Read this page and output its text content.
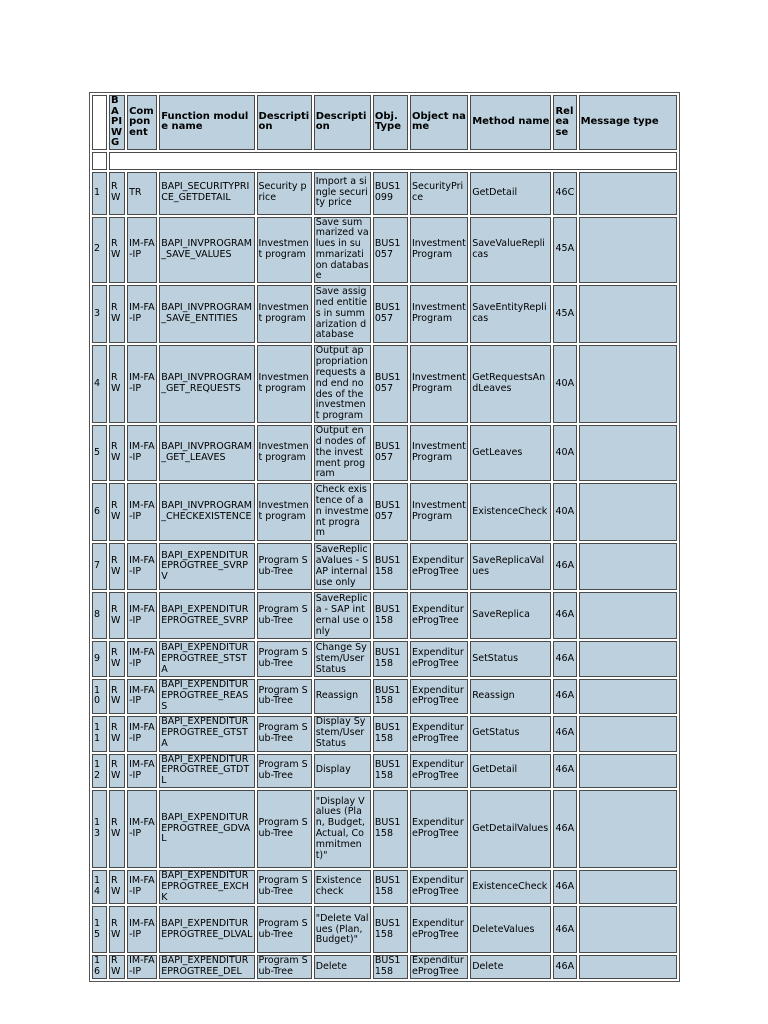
	BAPIWG	Component	Function module name	Description	Description	Obj. Type	Object name	Method name	Release	Message type

1	RW	TR	BAPI_SECURITYPRICE_GETDETAIL	Security price	Import a single security price	BUS1099	SecurityPrice	GetDetail	46C	
2	RW	IM-FA-IP	BAPI_INVPROGRAM_SAVE_VALUES	Investment program	Save summarized values in summarization database	BUS1057	InvestmentProgram	SaveValueReplicas	45A	
3	RW	IM-FA-IP	BAPI_INVPROGRAM_SAVE_ENTITIES	Investment program	Save assigned entities in summarization database	BUS1057	InvestmentProgram	SaveEntityReplicas	45A	
4	RW	IM-FA-IP	BAPI_INVPROGRAM_GET_REQUESTS	Investment program	Output appropriation requests and end nodes of the investment program	BUS1057	InvestmentProgram	GetRequestsAndLeaves	40A	
5	RW	IM-FA-IP	BAPI_INVPROGRAM_GET_LEAVES	Investment program	Output end nodes of the investment program	BUS1057	InvestmentProgram	GetLeaves	40A	
6	RW	IM-FA-IP	BAPI_INVPROGRAM_CHECKEXISTENCE	Investment program	Check existence of an investment program	BUS1057	InvestmentProgram	ExistenceCheck	40A	
7	RW	IM-FA-IP	BAPI_EXPENDITUREPROGTREE_SVRPV	Program Sub-Tree	SaveReplicaValues - SAP internal use only	BUS1158	ExpenditureProgTree	SaveReplicaValues	46A	
8	RW	IM-FA-IP	BAPI_EXPENDITUREPROGTREE_SVRP	Program Sub-Tree	SaveReplica - SAP internal use only	BUS1158	ExpenditureProgTree	SaveReplica	46A	
9	RW	IM-FA-IP	BAPI_EXPENDITUREPROGTREE_STSTA	Program Sub-Tree	Change System/User Status	BUS1158	ExpenditureProgTree	SetStatus	46A	
10	RW	IM-FA-IP	BAPI_EXPENDITUREPROGTREE_REASS	Program Sub-Tree	Reassign	BUS1158	ExpenditureProgTree	Reassign	46A	
11	RW	IM-FA-IP	BAPI_EXPENDITUREPROGTREE_GTSTA	Program Sub-Tree	Display System/User Status	BUS1158	ExpenditureProgTree	GetStatus	46A	
12	RW	IM-FA-IP	BAPI_EXPENDITUREPROGTREE_GTDTL	Program Sub-Tree	Display	BUS1158	ExpenditureProgTree	GetDetail	46A	
13	RW	IM-FA-IP	BAPI_EXPENDITUREPROGTREE_GDVAL	Program Sub-Tree	"Display Values (Plan, Budget, Actual, Commitment)"	BUS1158	ExpenditureProgTree	GetDetailValues	46A	
14	RW	IM-FA-IP	BAPI_EXPENDITUREPROGTREE_EXCHK	Program Sub-Tree	Existence check	BUS1158	ExpenditureProgTree	ExistenceCheck	46A	
15	RW	IM-FA-IP	BAPI_EXPENDITUREPROGTREE_DLVAL	Program Sub-Tree	"Delete Values (Plan, Budget)"	BUS1158	ExpenditureProgTree	DeleteValues	46A	
16	RW	IM-FA-IP	BAPI_EXPENDITUREPROGTREE_DEL	Program Sub-Tree	Delete	BUS1158	ExpenditureProgTree	Delete	46A	
